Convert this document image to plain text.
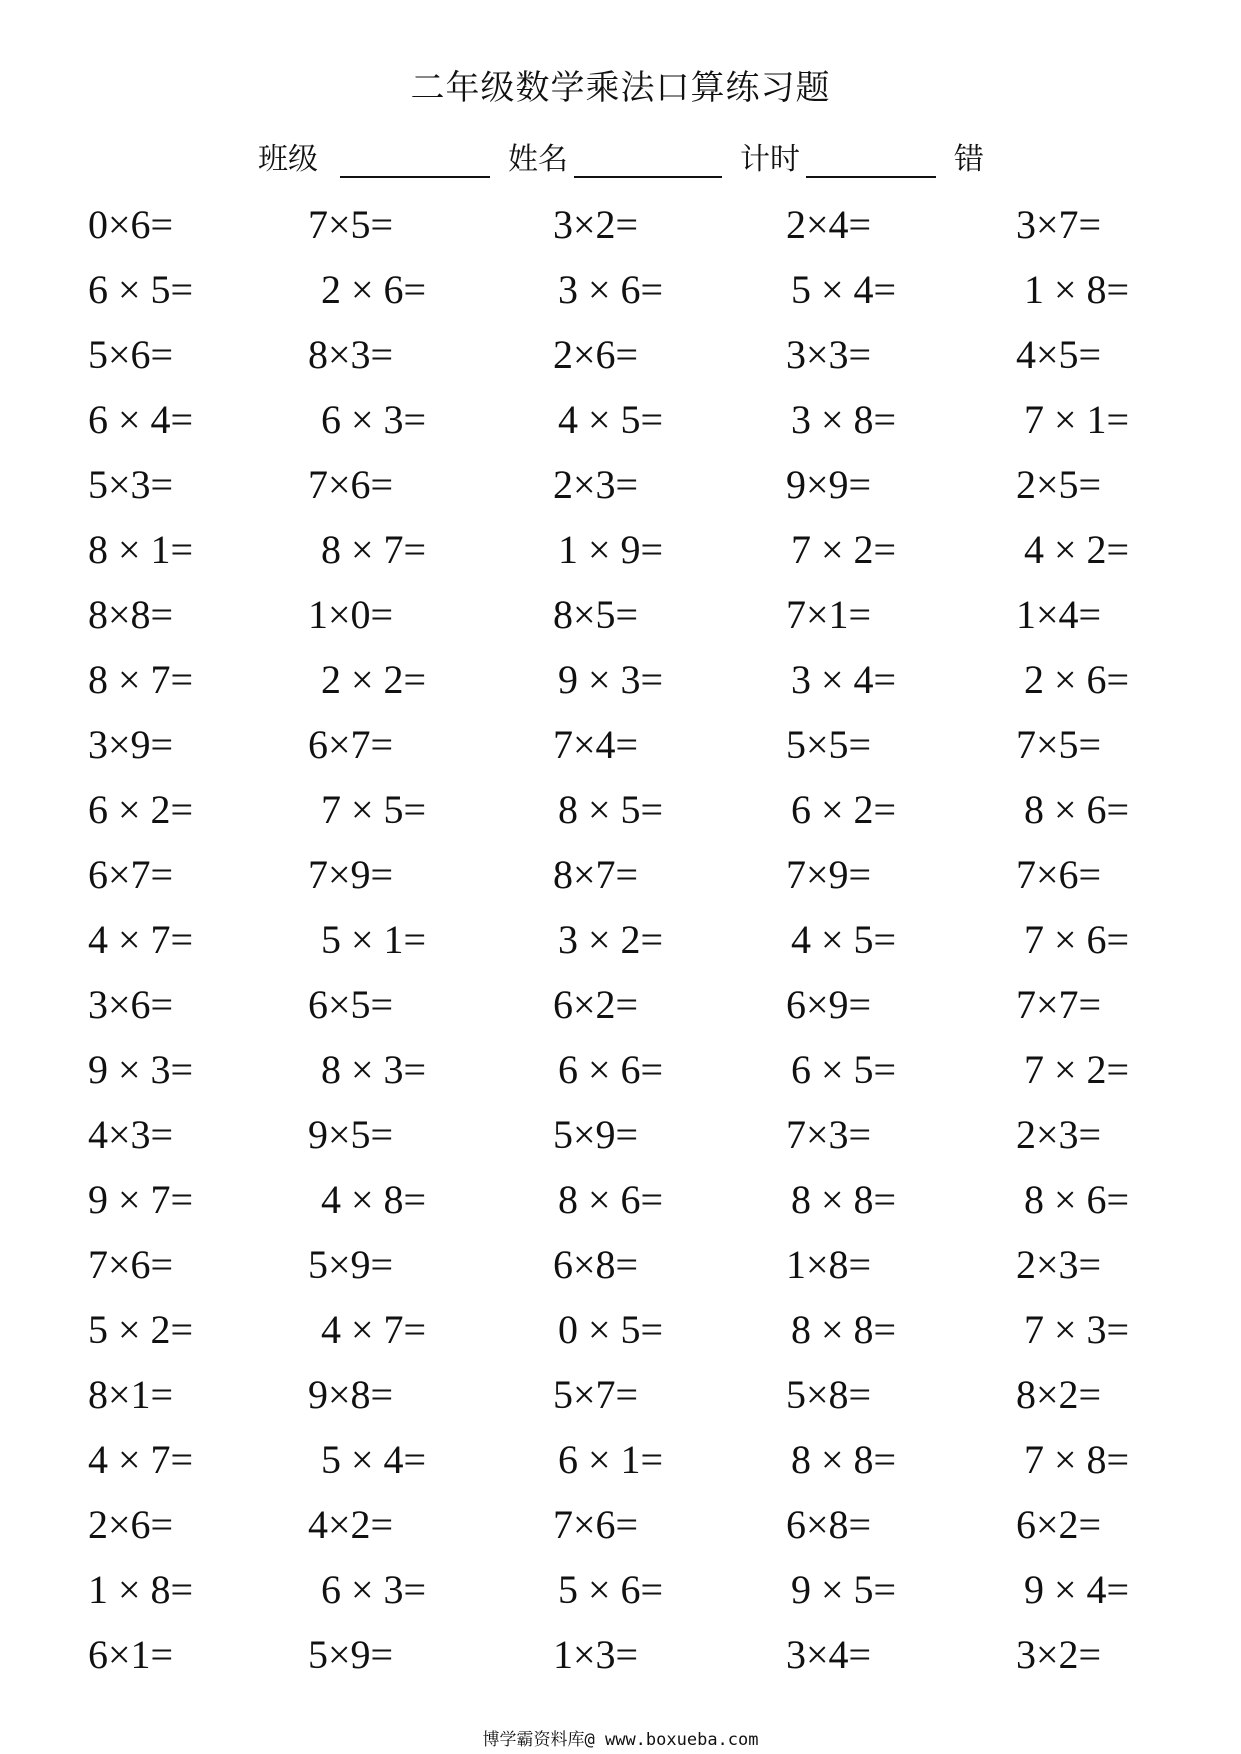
二年级数学乘法口算练习题
班级	姓名	计时	错
0×6=	7×5=	3×2=	2×4=	3×7=
6 × 5=	2 × 6=	3 × 6=	5 × 4=	1 × 8=
5×6=	8×3=	2×6=	3×3=	4×5=
6 × 4=	6 × 3=	4 × 5=	3 × 8=	7 × 1=
5×3=	7×6=	2×3=	9×9=	2×5=
8 × 1=	8 × 7=	1 × 9=	7 × 2=	4 × 2=
8×8=	1×0=	8×5=	7×1=	1×4=
8 × 7=	2 × 2=	9 × 3=	3 × 4=	2 × 6=
3×9=	6×7=	7×4=	5×5=	7×5=
6 × 2=	7 × 5=	8 × 5=	6 × 2=	8 × 6=
6×7=	7×9=	8×7=	7×9=	7×6=
4 × 7=	5 × 1=	3 × 2=	4 × 5=	7 × 6=
3×6=	6×5=	6×2=	6×9=	7×7=
9 × 3=	8 × 3=	6 × 6=	6 × 5=	7 × 2=
4×3=	9×5=	5×9=	7×3=	2×3=
9 × 7=	4 × 8=	8 × 6=	8 × 8=	8 × 6=
7×6=	5×9=	6×8=	1×8=	2×3=
5 × 2=	4 × 7=	0 × 5=	8 × 8=	7 × 3=
8×1=	9×8=	5×7=	5×8=	8×2=
4 × 7=	5 × 4=	6 × 1=	8 × 8=	7 × 8=
2×6=	4×2=	7×6=	6×8=	6×2=
1 × 8=	6 × 3=	5 × 6=	9 × 5=	9 × 4=
6×1=	5×9=	1×3=	3×4=	3×2=
博学霸资料库@ www.boxueba.com
